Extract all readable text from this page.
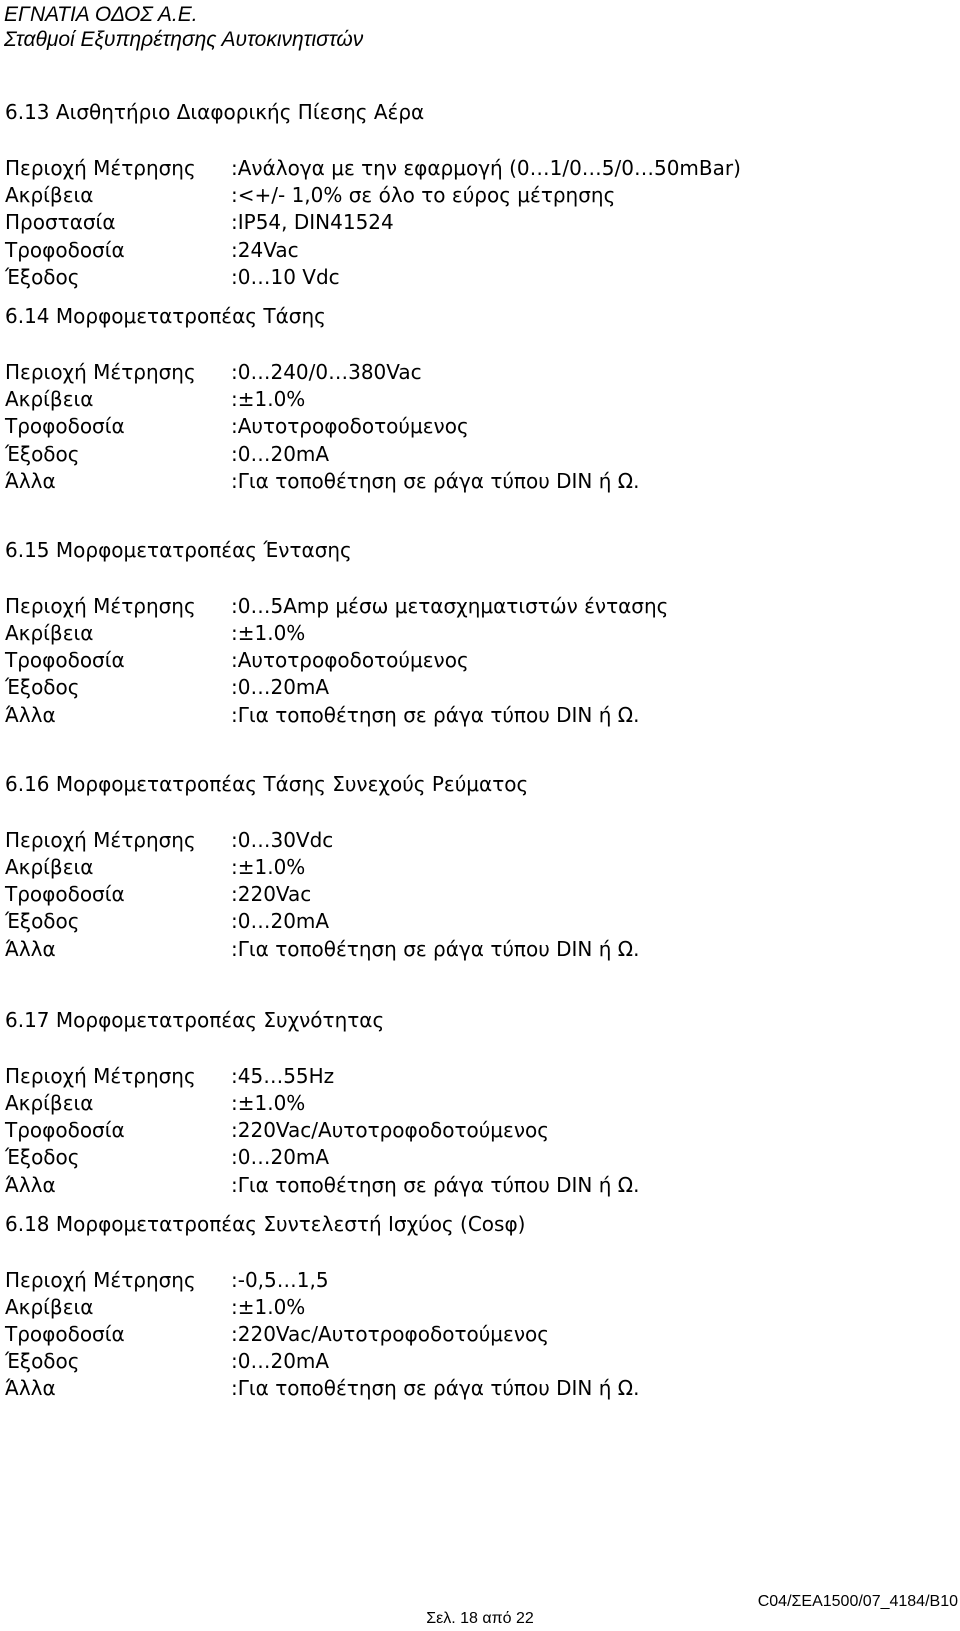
ΕΓΝΑΤΙΑ ΟΔΟΣ Α.Ε.
Σταθμοί Εξυπηρέτησης Αυτοκινητιστών
6.13 Αισθητήριο Διαφορικής Πίεσης Αέρα
Περιοχή Μέτρησης	:Ανάλογα με την εφαρμογή (0…1/0…5/0…50mBar)
Ακρίβεια	:<+/- 1,0% σε όλο το εύρος μέτρησης
Προστασία	:IP54, DIN41524
Τροφοδοσία	:24Vac
Έξοδος	:0…10 Vdc
6.14 Μορφομετατροπέας Τάσης
Περιοχή Μέτρησης	:0…240/0…380Vac
Ακρίβεια	:±1.0%
Τροφοδοσία	:Αυτοτροφοδοτούμενος
Έξοδος	:0…20mA
Άλλα	:Για τοποθέτηση σε ράγα τύπου DIN ή Ω.
6.15 Μορφομετατροπέας Έντασης
Περιοχή Μέτρησης	:0…5Amp μέσω μετασχηματιστών έντασης
Ακρίβεια	:±1.0%
Τροφοδοσία	:Αυτοτροφοδοτούμενος
Έξοδος	:0…20mA
Άλλα	:Για τοποθέτηση σε ράγα τύπου DIN ή Ω.
6.16 Μορφομετατροπέας Τάσης Συνεχούς Ρεύματος
Περιοχή Μέτρησης	:0…30Vdc
Ακρίβεια	:±1.0%
Τροφοδοσία	:220Vac
Έξοδος	:0…20mA
Άλλα	:Για τοποθέτηση σε ράγα τύπου DIN ή Ω.
6.17 Μορφομετατροπέας Συχνότητας
Περιοχή Μέτρησης	:45…55Hz
Ακρίβεια	:±1.0%
Τροφοδοσία	:220Vac/Αυτοτροφοδοτούμενος
Έξοδος	:0…20mA
Άλλα	:Για τοποθέτηση σε ράγα τύπου DIN ή Ω.
6.18 Μορφομετατροπέας Συντελεστή Ισχύος (Cosφ)
Περιοχή Μέτρησης	:-0,5…1,5
Ακρίβεια	:±1.0%
Τροφοδοσία	:220Vac/Αυτοτροφοδοτούμενος
Έξοδος	:0…20mA
Άλλα	:Για τοποθέτηση σε ράγα τύπου DIN ή Ω.
C04/ΣΕΑ1500/07_4184/B10
Σελ. 18 από 22
